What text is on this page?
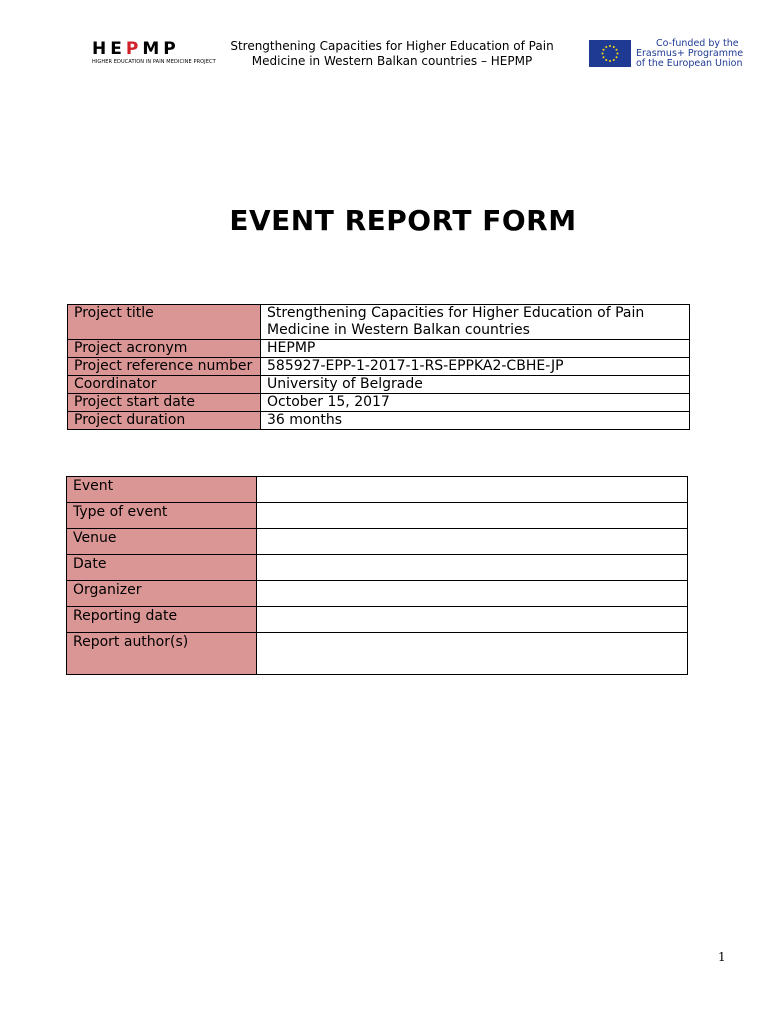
HEPMP
HIGHER EDUCATION IN PAIN MEDICINE PROJECT
Strengthening Capacities for Higher Education of Pain Medicine in Western Balkan countries – HEPMP
Co-funded by the
Erasmus+ Programme
of the European Union
EVENT REPORT FORM
Project title	Strengthening Capacities for Higher Education of Pain Medicine in Western Balkan countries
Project acronym	HEPMP
Project reference number	585927-EPP-1-2017-1-RS-EPPKA2-CBHE-JP
Coordinator	University of Belgrade
Project start date	October 15, 2017
Project duration	36 months
Event	
Type of event	
Venue	
Date	
Organizer	
Reporting date	
Report author(s)	
1
